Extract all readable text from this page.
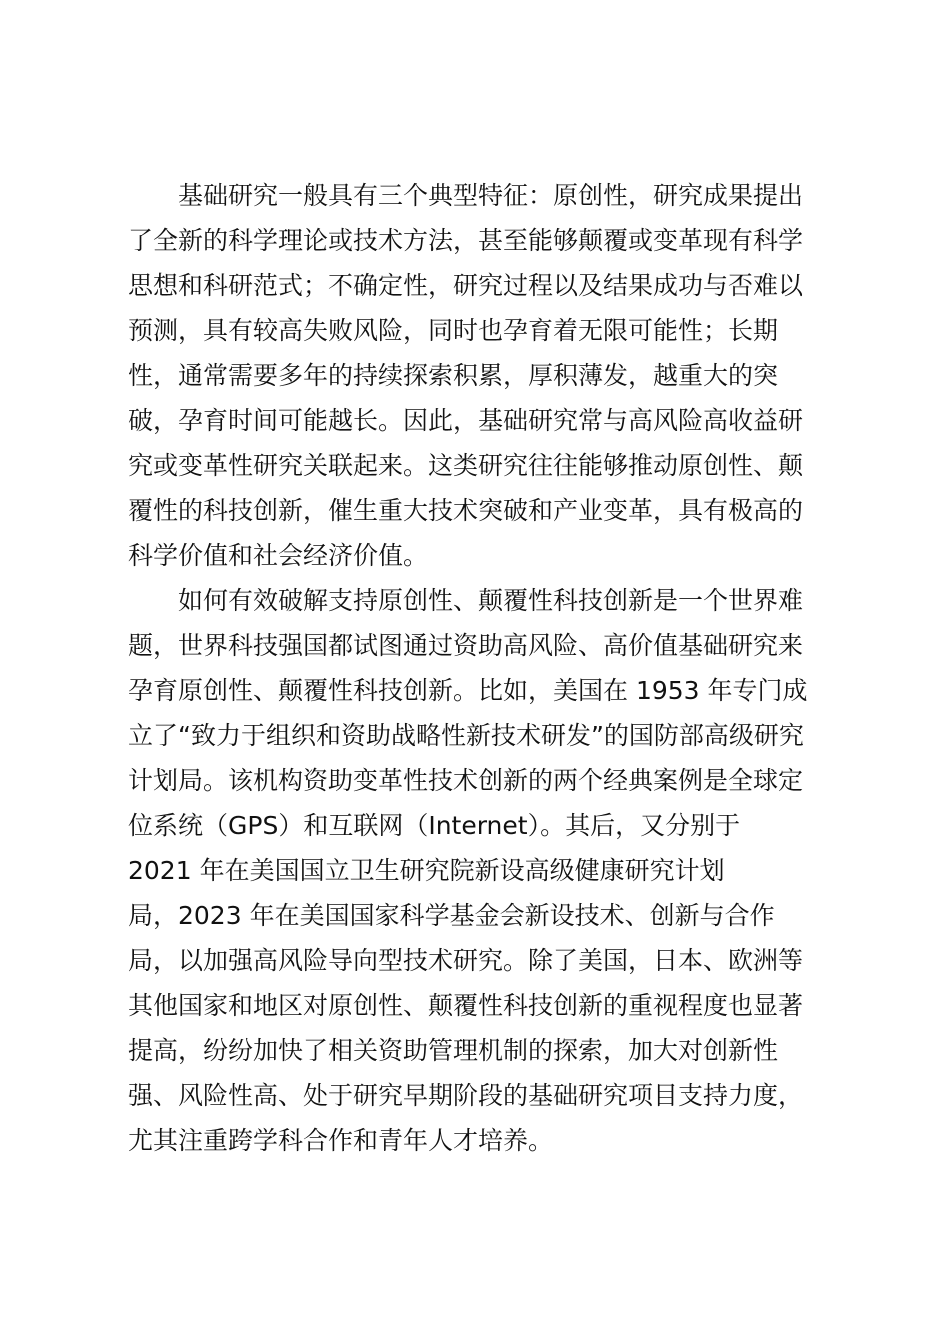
基础研究一般具有三个典型特征：原创性，研究成果提出
了全新的科学理论或技术方法，甚至能够颠覆或变革现有科学
思想和科研范式；不确定性，研究过程以及结果成功与否难以
预测，具有较高失败风险，同时也孕育着无限可能性；长期
性，通常需要多年的持续探索积累，厚积薄发，越重大的突
破，孕育时间可能越长。因此，基础研究常与高风险高收益研
究或变革性研究关联起来。这类研究往往能够推动原创性、颠
覆性的科技创新，催生重大技术突破和产业变革，具有极高的
科学价值和社会经济价值。

如何有效破解支持原创性、颠覆性科技创新是一个世界难
题，世界科技强国都试图通过资助高风险、高价值基础研究来
孕育原创性、颠覆性科技创新。比如，美国在 1953 年专门成
立了“致力于组织和资助战略性新技术研发”的国防部高级研究
计划局。该机构资助变革性技术创新的两个经典案例是全球定
位系统（GPS）和互联网（Internet）。其后，又分别于
2021 年在美国国立卫生研究院新设高级健康研究计划
局，2023 年在美国国家科学基金会新设技术、创新与合作
局，以加强高风险导向型技术研究。除了美国，日本、欧洲等
其他国家和地区对原创性、颠覆性科技创新的重视程度也显著
提高，纷纷加快了相关资助管理机制的探索，加大对创新性
强、风险性高、处于研究早期阶段的基础研究项目支持力度，
尤其注重跨学科合作和青年人才培养。
